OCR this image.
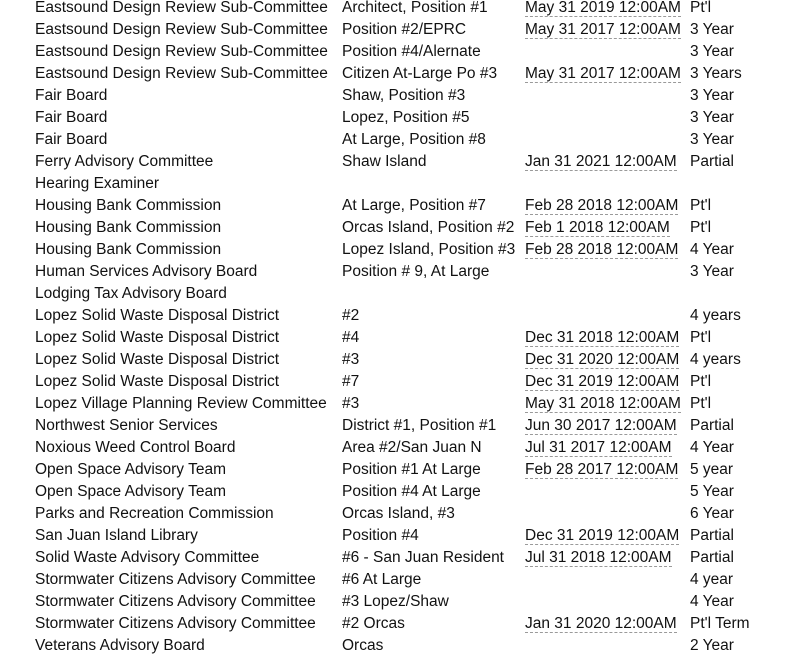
Eastsound Design Review Sub-Committee	Architect, Position #1	May 31 2019 12:00AM	Pt'l
Eastsound Design Review Sub-Committee	Position #2/EPRC	May 31 2017 12:00AM	3 Year
Eastsound Design Review Sub-Committee	Position #4/Alernate		3 Year
Eastsound Design Review Sub-Committee	Citizen At-Large Po #3	May 31 2017 12:00AM	3 Years
Fair Board	Shaw, Position #3		3 Year
Fair Board	Lopez, Position #5		3 Year
Fair Board	At Large, Position #8		3 Year
Ferry Advisory Committee	Shaw Island	Jan 31 2021 12:00AM	Partial
Hearing Examiner			
Housing Bank Commission	At Large, Position #7	Feb 28 2018 12:00AM	Pt'l
Housing Bank Commission	Orcas Island, Position #2	Feb 1 2018 12:00AM	Pt'l
Housing Bank Commission	Lopez Island, Position #3	Feb 28 2018 12:00AM	4 Year
Human Services Advisory Board	Position # 9, At Large		3 Year
Lodging Tax Advisory Board			
Lopez Solid Waste Disposal District	#2		4 years
Lopez Solid Waste Disposal District	#4	Dec 31 2018 12:00AM	Pt'l
Lopez Solid Waste Disposal District	#3	Dec 31 2020 12:00AM	4 years
Lopez Solid Waste Disposal District	#7	Dec 31 2019 12:00AM	Pt'l
Lopez Village Planning Review Committee	#3	May 31 2018 12:00AM	Pt'l
Northwest Senior Services	District #1, Position #1	Jun 30 2017 12:00AM	Partial
Noxious Weed Control Board	Area #2/San Juan N	Jul 31 2017 12:00AM	4 Year
Open Space Advisory Team	Position #1 At Large	Feb 28 2017 12:00AM	5 year
Open Space Advisory Team	Position #4 At Large		5 Year
Parks and Recreation Commission	Orcas Island, #3		6 Year
San Juan Island Library	Position #4	Dec 31 2019 12:00AM	Partial
Solid Waste Advisory Committee	#6 - San Juan Resident	Jul 31 2018 12:00AM	Partial
Stormwater Citizens Advisory Committee	#6 At Large		4 year
Stormwater Citizens Advisory Committee	#3 Lopez/Shaw		4 Year
Stormwater Citizens Advisory Committee	#2 Orcas	Jan 31 2020 12:00AM	Pt'l Term
Veterans Advisory Board	Orcas		2 Year
